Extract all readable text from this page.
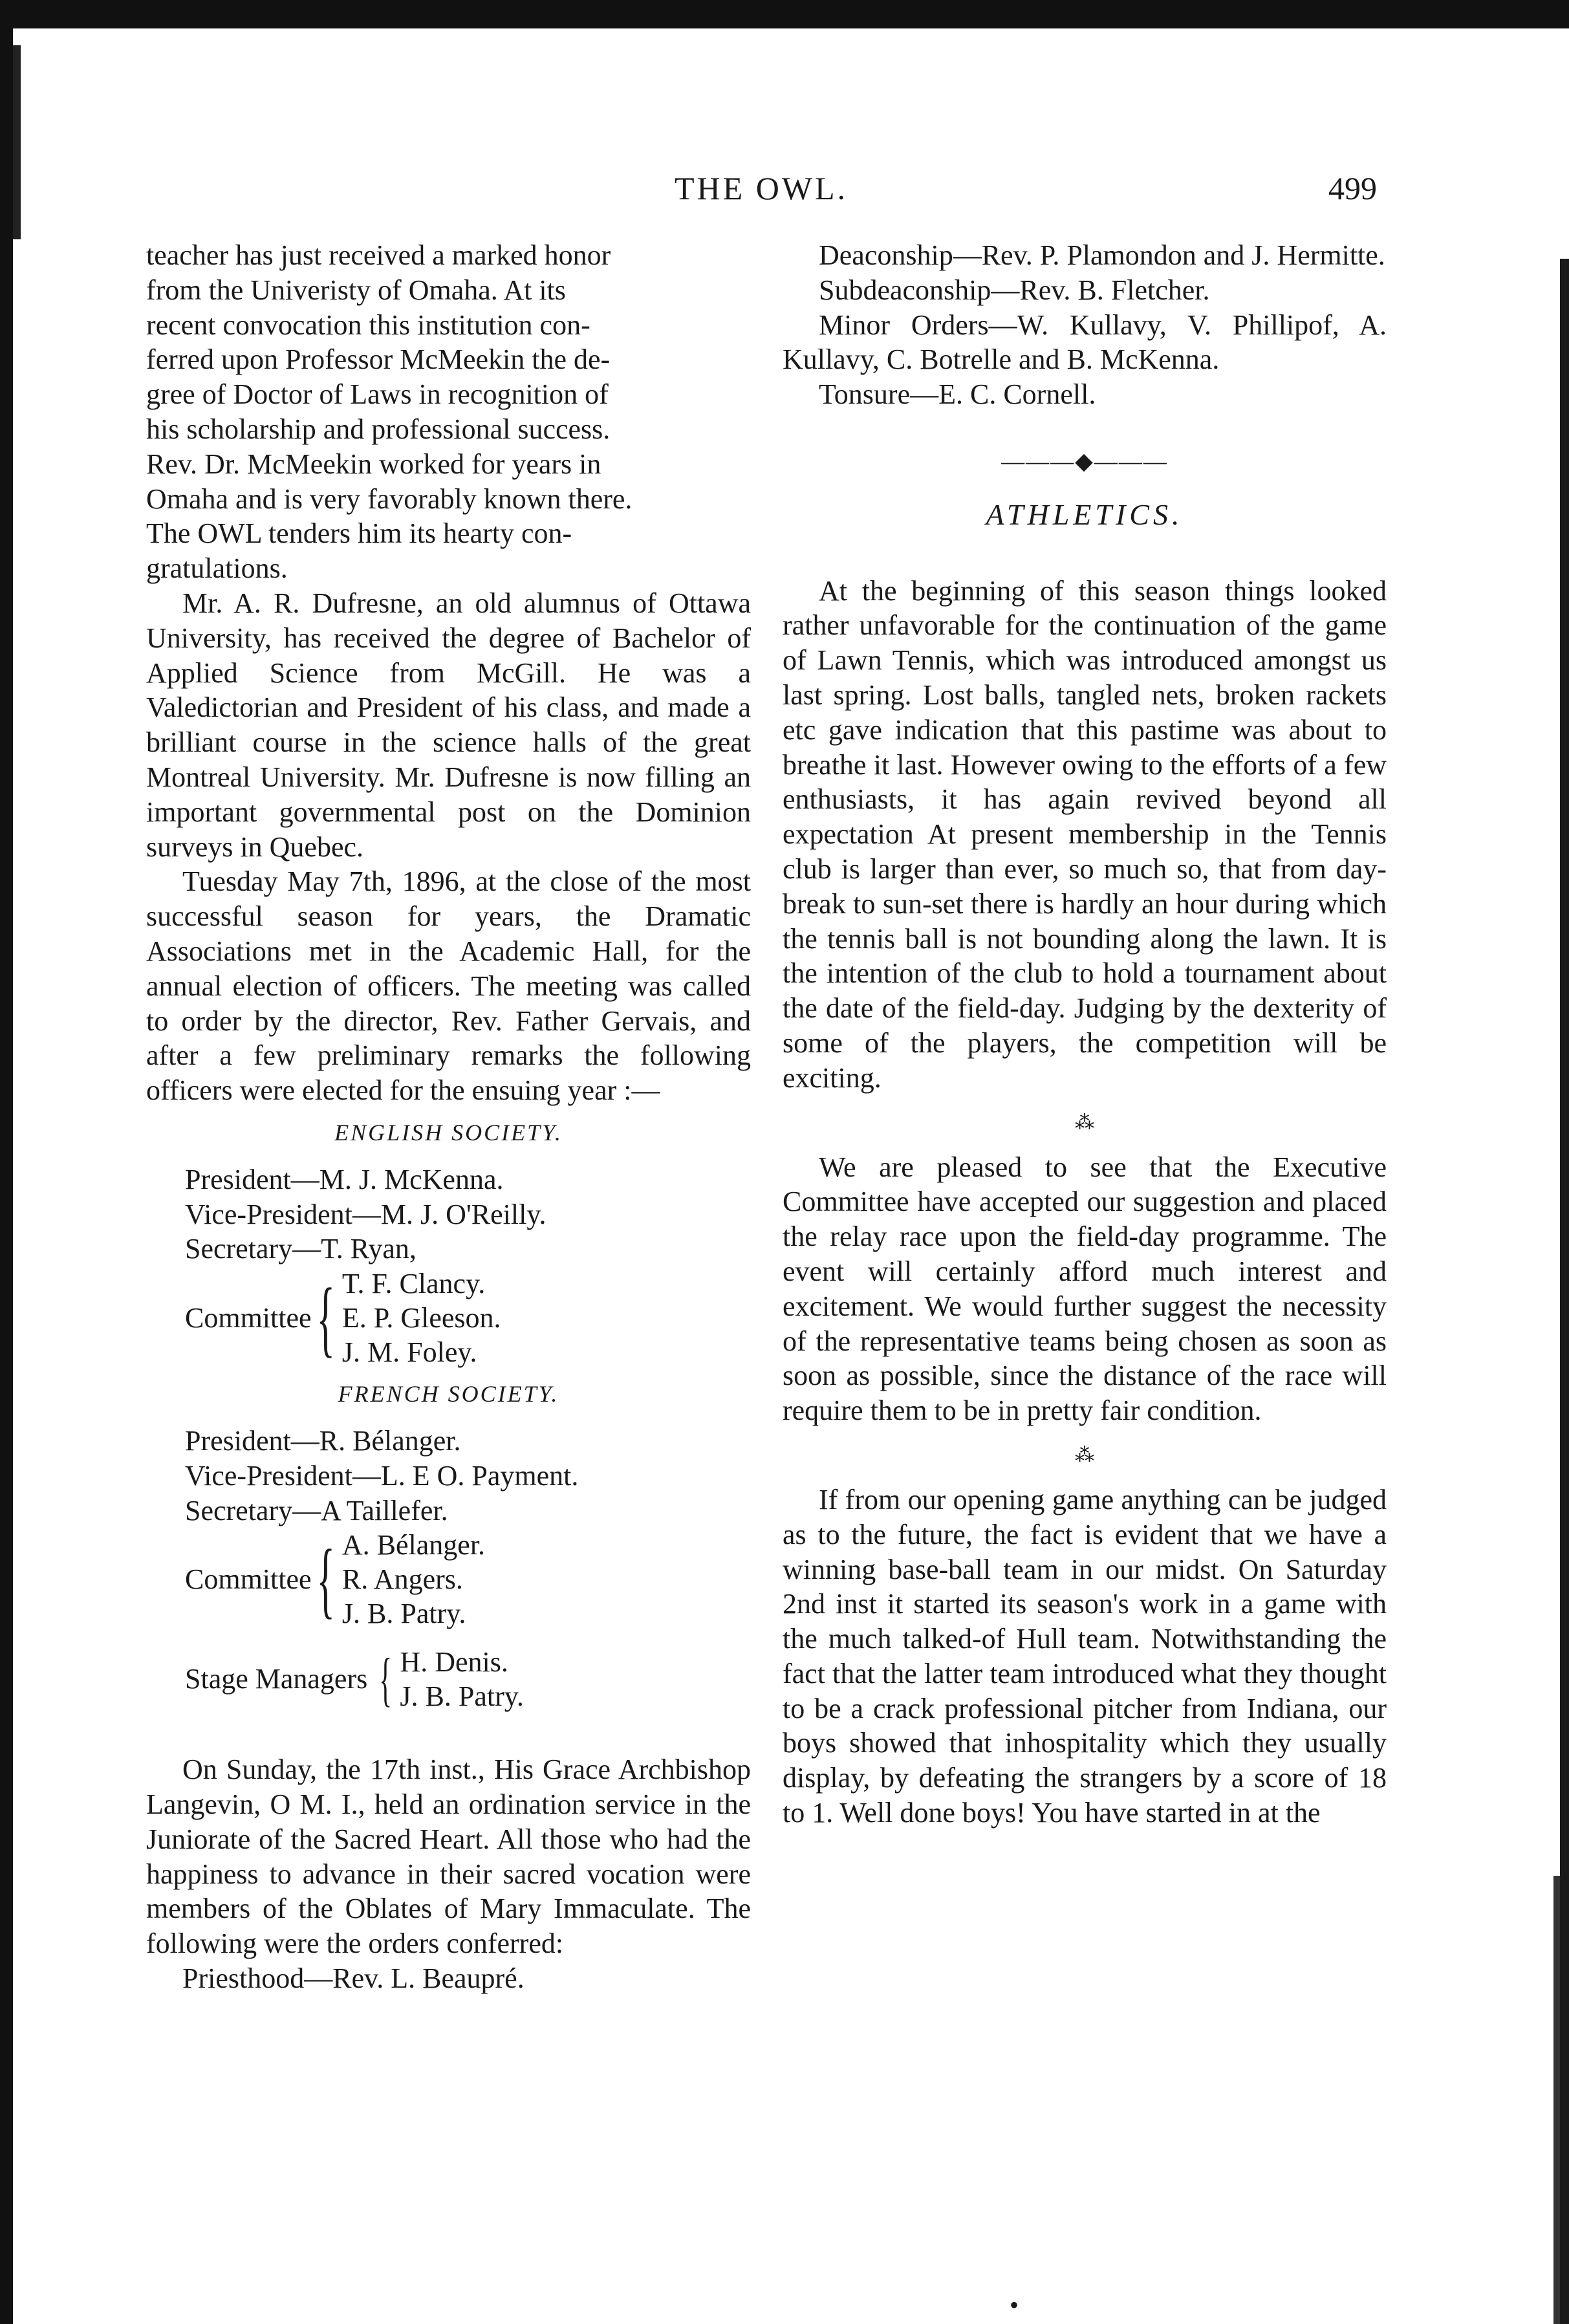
THE OWL.	499
teacher has just received a marked honor
from the Univeristy of Omaha. At its
recent convocation this institution con-
ferred upon Professor McMeekin the de-
gree of Doctor of Laws in recognition of
his scholarship and professional success.
Rev. Dr. McMeekin worked for years in
Omaha and is very favorably known there.
The OWL tenders him its hearty con-
gratulations.

Mr. A. R. Dufresne, an old alumnus of Ottawa University, has received the degree of Bachelor of Applied Science from McGill. He was a Valedictorian and President of his class, and made a brilliant course in the science halls of the great Montreal University. Mr. Dufresne is now filling an important governmental post on the Dominion surveys in Quebec.

Tuesday May 7th, 1896, at the close of the most successful season for years, the Dramatic Associations met in the Academic Hall, for the annual election of officers. The meeting was called to order by the director, Rev. Father Gervais, and after a few preliminary remarks the following officers were elected for the ensuing year :—

ENGLISH SOCIETY.
President—M. J. McKenna.
Vice-President—M. J. O'Reilly.
Secretary—T. Ryan,
Committee { T. F. Clancy.
E. P. Gleeson.
J. M. Foley.
FRENCH SOCIETY.
President—R. Bélanger.
Vice-President—L. E O. Payment.
Secretary—A Taillefer.
Committee { A. Bélanger.
R. Angers.
J. B. Patry.
Stage Managers { H. Denis.
J. B. Patry.

On Sunday, the 17th inst., His Grace Archbishop Langevin, O M. I., held an ordination service in the Juniorate of the Sacred Heart. All those who had the happiness to advance in their sacred vocation were members of the Oblates of Mary Immaculate. The following were the orders conferred:

Priesthood—Rev. L. Beaupré.

Deaconship—Rev. P. Plamondon and J. Hermitte.

Subdeaconship—Rev. B. Fletcher.

Minor Orders—W. Kullavy, V. Phillipof, A. Kullavy, C. Botrelle and B. McKenna.

Tonsure—E. C. Cornell.

———◆———
ATHLETICS.

At the beginning of this season things looked rather unfavorable for the continuation of the game of Lawn Tennis, which was introduced amongst us last spring. Lost balls, tangled nets, broken rackets etc gave indication that this pastime was about to breathe it last. However owing to the efforts of a few enthusiasts, it has again revived beyond all expectation At present membership in the Tennis club is larger than ever, so much so, that from day-break to sun-set there is hardly an hour during which the tennis ball is not bounding along the lawn. It is the intention of the club to hold a tournament about the date of the field-day. Judging by the dexterity of some of the players, the competition will be exciting.

⁂

We are pleased to see that the Executive Committee have accepted our suggestion and placed the relay race upon the field-day programme. The event will certainly afford much interest and excitement. We would further suggest the necessity of the representative teams being chosen as soon as soon as possible, since the distance of the race will require them to be in pretty fair condition.

⁂

If from our opening game anything can be judged as to the future, the fact is evident that we have a winning base-ball team in our midst. On Saturday 2nd inst it started its season's work in a game with the much talked-of Hull team. Notwithstanding the fact that the latter team introduced what they thought to be a crack professional pitcher from Indiana, our boys showed that inhospitality which they usually display, by defeating the strangers by a score of 18 to 1. Well done boys! You have started in at the

•
